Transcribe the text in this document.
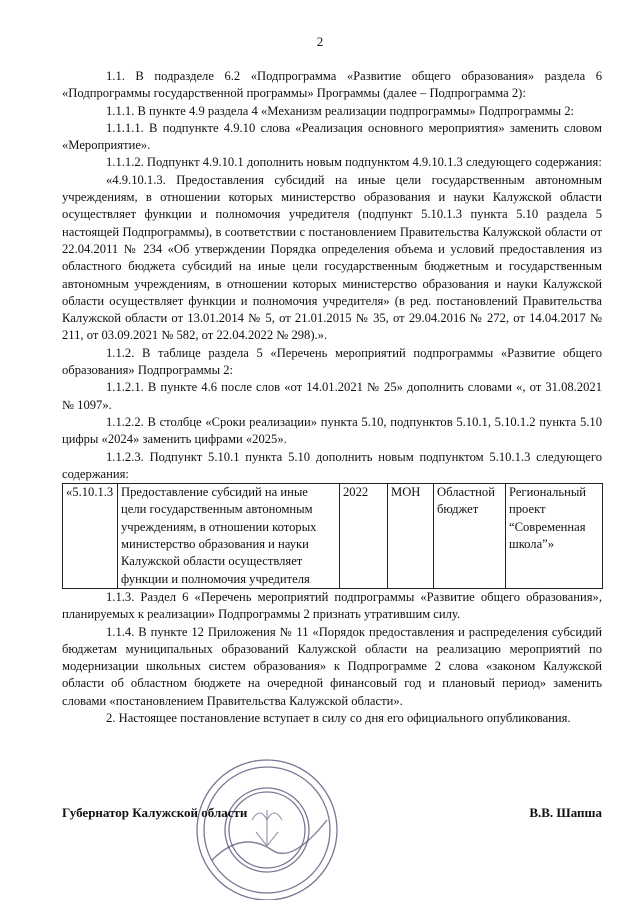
2

1.1. В подразделе 6.2 «Подпрограмма «Развитие общего образования» раздела 6 «Подпрограммы государственной программы» Программы (далее – Подпрограмма 2):

1.1.1. В пункте 4.9 раздела 4 «Механизм реализации подпрограммы» Подпрограммы 2:

1.1.1.1. В подпункте 4.9.10 слова «Реализация основного мероприятия» заменить словом «Мероприятие».

1.1.1.2. Подпункт 4.9.10.1 дополнить новым подпунктом 4.9.10.1.3 следующего содержания:

«4.9.10.1.3. Предоставления субсидий на иные цели государственным автономным учреждениям, в отношении которых министерство образования и науки Калужской области осуществляет функции и полномочия учредителя (подпункт 5.10.1.3 пункта 5.10 раздела 5 настоящей Подпрограммы), в соответствии с постановлением Правительства Калужской области от 22.04.2011 № 234 «Об утверждении Порядка определения объема и условий предоставления из областного бюджета субсидий на иные цели государственным бюджетным и государственным автономным учреждениям, в отношении которых министерство образования и науки Калужской области осуществляет функции и полномочия учредителя» (в ред. постановлений Правительства Калужской области от 13.01.2014 № 5, от 21.01.2015 № 35, от 29.04.2016 № 272, от 14.04.2017 № 211, от 03.09.2021 № 582, от 22.04.2022 № 298).».

1.1.2. В таблице раздела 5 «Перечень мероприятий подпрограммы «Развитие общего образования» Подпрограммы 2:

1.1.2.1. В пункте 4.6 после слов «от 14.01.2021 № 25» дополнить словами «, от 31.08.2021 № 1097».

1.1.2.2. В столбце «Сроки реализации» пункта 5.10, подпунктов 5.10.1, 5.10.1.2 пункта 5.10 цифры «2024» заменить цифрами «2025».

1.1.2.3. Подпункт 5.10.1 пункта 5.10 дополнить новым подпунктом 5.10.1.3 следующего содержания:

«5.10.1.3	Предоставление субсидий на иные цели государственным автономным учреждениям, в отношении которых министерство образования и науки Калужской области осуществляет функции и полномочия учредителя	2022	МОН	Областной бюджет	Региональный проект “Современная школа”»

1.1.3. Раздел 6 «Перечень мероприятий подпрограммы «Развитие общего образования», планируемых к реализации» Подпрограммы 2 признать утратившим силу.

1.1.4. В пункте 12 Приложения № 11 «Порядок предоставления и распределения субсидий бюджетам муниципальных образований Калужской области на реализацию мероприятий по модернизации школьных систем образования» к Подпрограмме 2 слова «законом Калужской области об областном бюджете на очередной финансовый год и плановый период» заменить словами «постановлением Правительства Калужской области».

2. Настоящее постановление вступает в силу со дня его официального опубликования.

Губернатор Калужской области	В.В. Шапша
